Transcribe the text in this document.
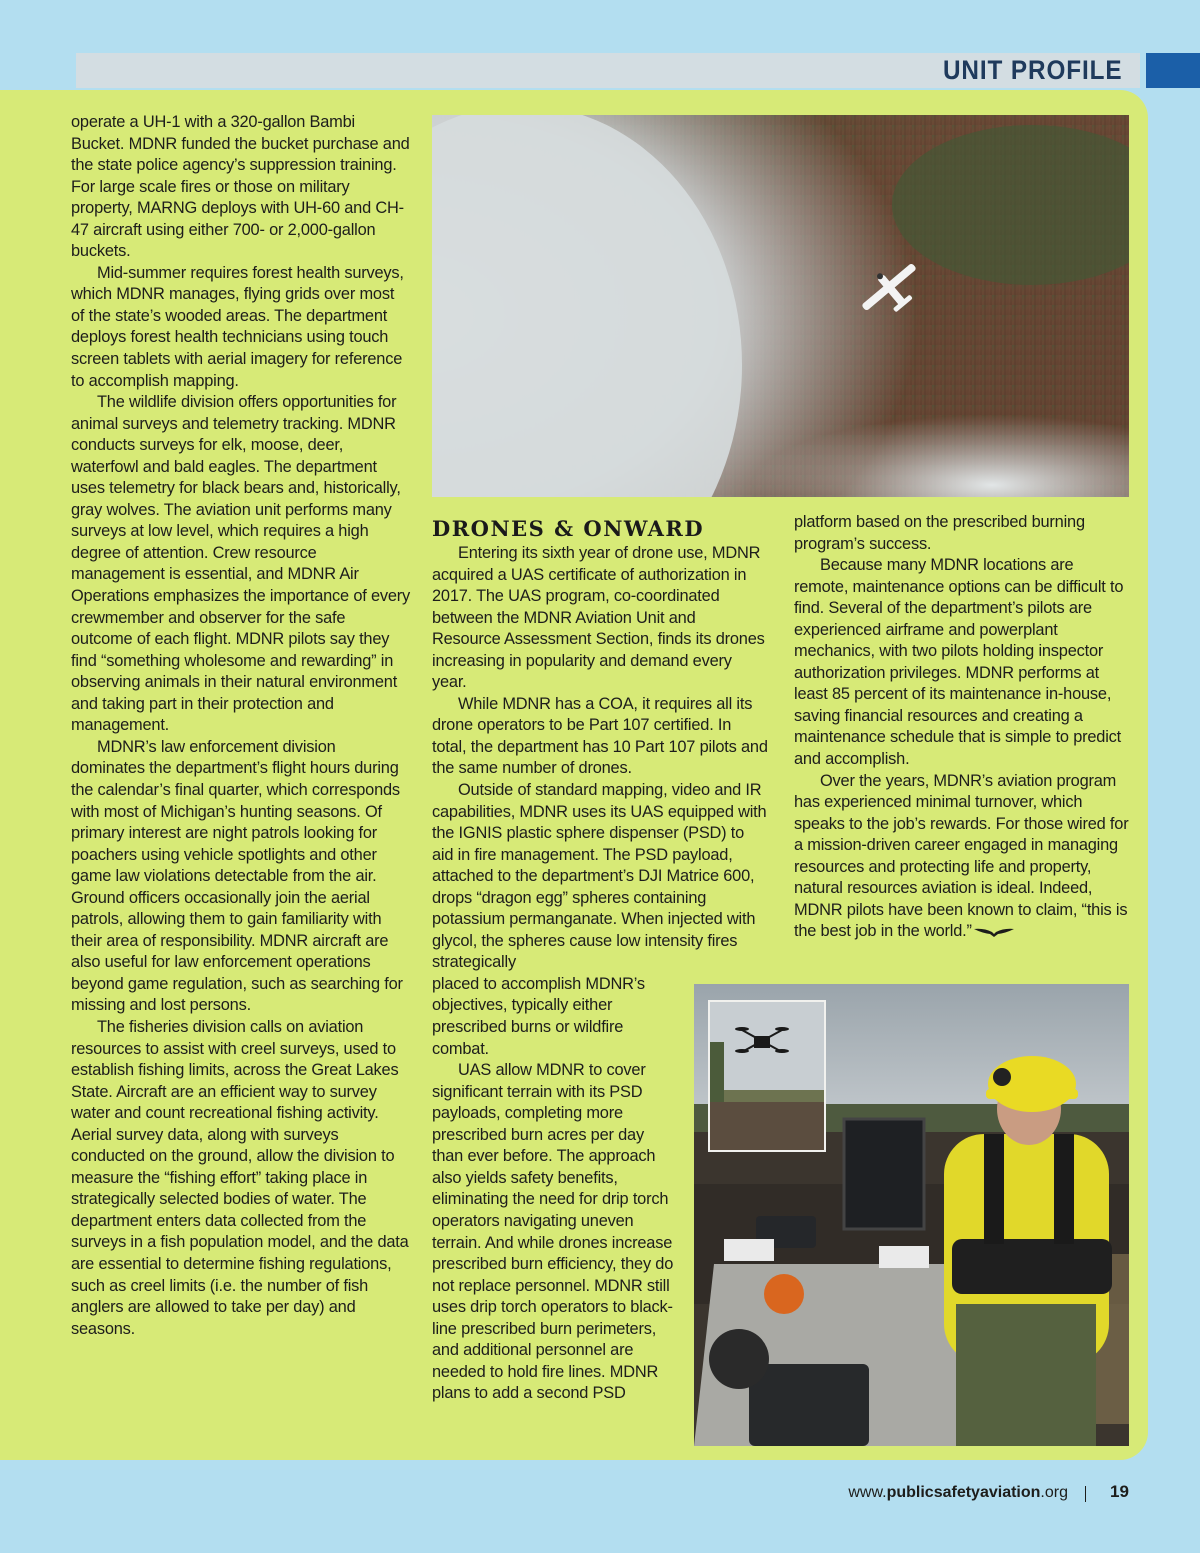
UNIT PROFILE

operate a UH-1 with a 320-gallon Bambi Bucket. MDNR funded the bucket purchase and the state police agency’s suppression training. For large scale fires or those on military property, MARNG deploys with UH-60 and CH-47 aircraft using either 700- or 2,000-gallon buckets.

Mid-summer requires forest health surveys, which MDNR manages, flying grids over most of the state’s wooded areas. The department deploys forest health technicians using touch screen tablets with aerial imagery for reference to accomplish mapping.

The wildlife division offers opportunities for animal surveys and telemetry tracking. MDNR conducts surveys for elk, moose, deer, waterfowl and bald eagles. The department uses telemetry for black bears and, historically, gray wolves. The aviation unit performs many surveys at low level, which requires a high degree of attention. Crew resource management is essential, and MDNR Air Operations emphasizes the importance of every crewmember and observer for the safe outcome of each flight. MDNR pilots say they find “something wholesome and rewarding” in observing animals in their natural environment and taking part in their protection and management.

MDNR’s law enforcement division dominates the department’s flight hours during the calendar’s final quarter, which corresponds with most of Michigan’s hunting seasons. Of primary interest are night patrols looking for poachers using vehicle spotlights and other game law violations detectable from the air. Ground officers occasionally join the aerial patrols, allowing them to gain familiarity with their area of responsibility. MDNR aircraft are also useful for law enforcement operations beyond game regulation, such as searching for missing and lost persons.

The fisheries division calls on aviation resources to assist with creel surveys, used to establish fishing limits, across the Great Lakes State. Aircraft are an efficient way to survey water and count recreational fishing activity. Aerial survey data, along with surveys conducted on the ground, allow the division to measure the “fishing effort” taking place in strategically selected bodies of water. The department enters data collected from the surveys in a fish population model, and the data are essential to determine fishing regulations, such as creel limits (i.e. the number of fish anglers are allowed to take per day) and seasons.

DRONES & ONWARD

Entering its sixth year of drone use, MDNR acquired a UAS certificate of authorization in 2017. The UAS program, co-coordinated between the MDNR Aviation Unit and Resource Assessment Section, finds its drones increasing in popularity and demand every year.

While MDNR has a COA, it requires all its drone operators to be Part 107 certified. In total, the department has 10 Part 107 pilots and the same number of drones.

Outside of standard mapping, video and IR capabilities, MDNR uses its UAS equipped with the IGNIS plastic sphere dispenser (PSD) to aid in fire management. The PSD payload, attached to the department’s DJI Matrice 600, drops “dragon egg” spheres containing potassium permanganate. When injected with glycol, the spheres cause low intensity fires strategically

placed to accomplish MDNR’s objectives, typically either prescribed burns or wildfire combat.

UAS allow MDNR to cover significant terrain with its PSD payloads, completing more prescribed burn acres per day than ever before. The approach also yields safety benefits, eliminating the need for drip torch operators navigating uneven terrain. And while drones increase prescribed burn efficiency, they do not replace personnel. MDNR still uses drip torch operators to black-line prescribed burn perimeters, and additional personnel are needed to hold fire lines. MDNR plans to add a second PSD

platform based on the prescribed burning program’s success.

Because many MDNR locations are remote, maintenance options can be difficult to find. Several of the department’s pilots are experienced airframe and powerplant mechanics, with two pilots holding inspector authorization privileges. MDNR performs at least 85 percent of its maintenance in-house, saving financial resources and creating a maintenance schedule that is simple to predict and accomplish.

Over the years, MDNR’s aviation program has experienced minimal turnover, which speaks to the job’s rewards. For those wired for a mission-driven career engaged in managing resources and protecting life and property, natural resources aviation is ideal. Indeed, MDNR pilots have been known to claim, “this is the best job in the world.”

www.publicsafetyaviation.org 19
